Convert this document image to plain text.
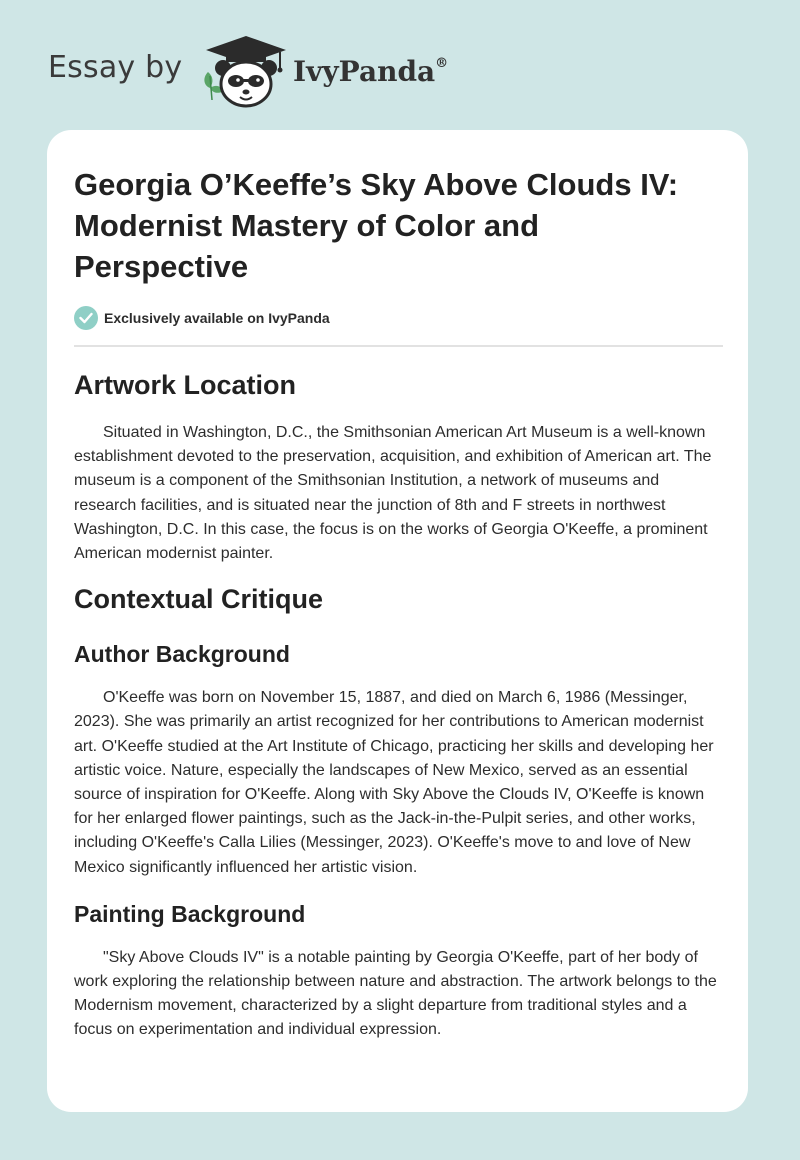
Essay by	IvyPanda®
Georgia O’Keeffe’s Sky Above Clouds IV: Modernist Mastery of Color and Perspective
Exclusively available on IvyPanda
Artwork Location

Situated in Washington, D.C., the Smithsonian American Art Museum is a well-known establishment devoted to the preservation, acquisition, and exhibition of American art. The museum is a component of the Smithsonian Institution, a network of museums and research facilities, and is situated near the junction of 8th and F streets in northwest Washington, D.C. In this case, the focus is on the works of Georgia O'Keeffe, a prominent American modernist painter.

Contextual Critique
Author Background

O'Keeffe was born on November 15, 1887, and died on March 6, 1986 (Messinger, 2023). She was primarily an artist recognized for her contributions to American modernist art. O'Keeffe studied at the Art Institute of Chicago, practicing her skills and developing her artistic voice. Nature, especially the landscapes of New Mexico, served as an essential source of inspiration for O'Keeffe. Along with Sky Above the Clouds IV, O'Keeffe is known for her enlarged flower paintings, such as the Jack-in-the-Pulpit series, and other works, including O'Keeffe's Calla Lilies (Messinger, 2023). O'Keeffe's move to and love of New Mexico significantly influenced her artistic vision.

Painting Background

"Sky Above Clouds IV" is a notable painting by Georgia O'Keeffe, part of her body of work exploring the relationship between nature and abstraction. The artwork belongs to the Modernism movement, characterized by a slight departure from traditional styles and a focus on experimentation and individual expression.
